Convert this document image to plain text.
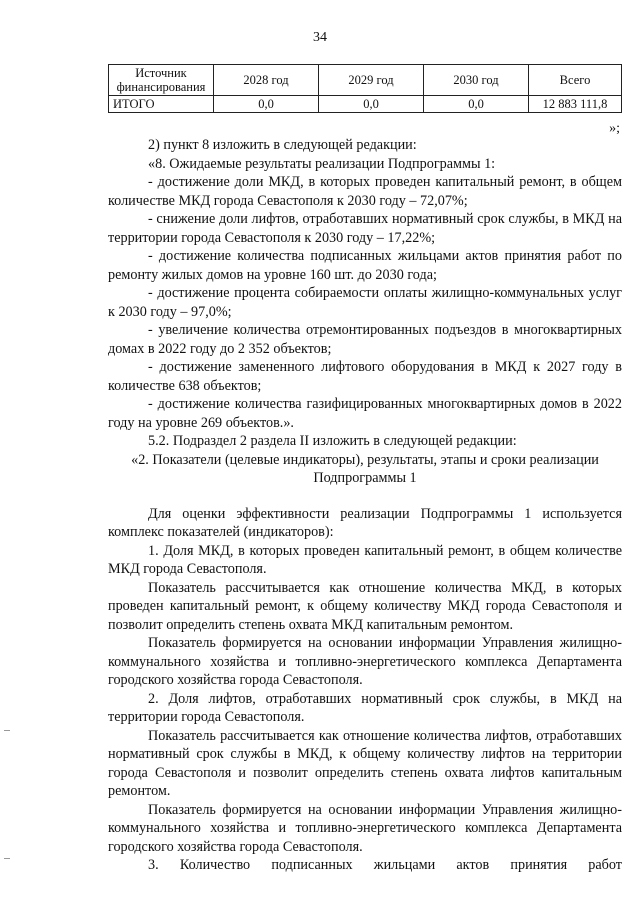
34
Источник финансирования	2028 год	2029 год	2030 год	Всего
ИТОГО	0,0	0,0	0,0	12 883 111,8
»;

2) пункт 8 изложить в следующей редакции:

«8. Ожидаемые результаты реализации Подпрограммы 1:

- достижение доли МКД, в которых проведен капитальный ремонт, в общем количестве МКД города Севастополя к 2030 году – 72,07%;

- снижение доли лифтов, отработавших нормативный срок службы, в МКД на территории города Севастополя к 2030 году – 17,22%;

- достижение количества подписанных жильцами актов принятия работ по ремонту жилых домов на уровне 160 шт. до 2030 года;

- достижение процента собираемости оплаты жилищно-коммунальных услуг к 2030 году – 97,0%;

- увеличение количества отремонтированных подъездов в многоквартирных домах в 2022 году до 2 352 объектов;

- достижение замененного лифтового оборудования в МКД к 2027 году в количестве 638 объектов;

- достижение количества газифицированных многоквартирных домов в 2022 году на уровне 269 объектов.».

5.2. Подраздел 2 раздела II изложить в следующей редакции:

«2. Показатели (целевые индикаторы), результаты, этапы и сроки реализации Подпрограммы 1

Для оценки эффективности реализации Подпрограммы 1 используется комплекс показателей (индикаторов):

1. Доля МКД, в которых проведен капитальный ремонт, в общем количестве МКД города Севастополя.

Показатель рассчитывается как отношение количества МКД, в которых проведен капитальный ремонт, к общему количеству МКД города Севастополя и позволит определить степень охвата МКД капитальным ремонтом.

Показатель формируется на основании информации Управления жилищно-коммунального хозяйства и топливно-энергетического комплекса Департамента городского хозяйства города Севастополя.

2. Доля лифтов, отработавших нормативный срок службы, в МКД на территории города Севастополя.

Показатель рассчитывается как отношение количества лифтов, отработавших нормативный срок службы в МКД, к общему количеству лифтов на территории города Севастополя и позволит определить степень охвата лифтов капитальным ремонтом.

Показатель формируется на основании информации Управления жилищно-коммунального хозяйства и топливно-энергетического комплекса Департамента городского хозяйства города Севастополя.

3. Количество подписанных жильцами актов принятия работ
